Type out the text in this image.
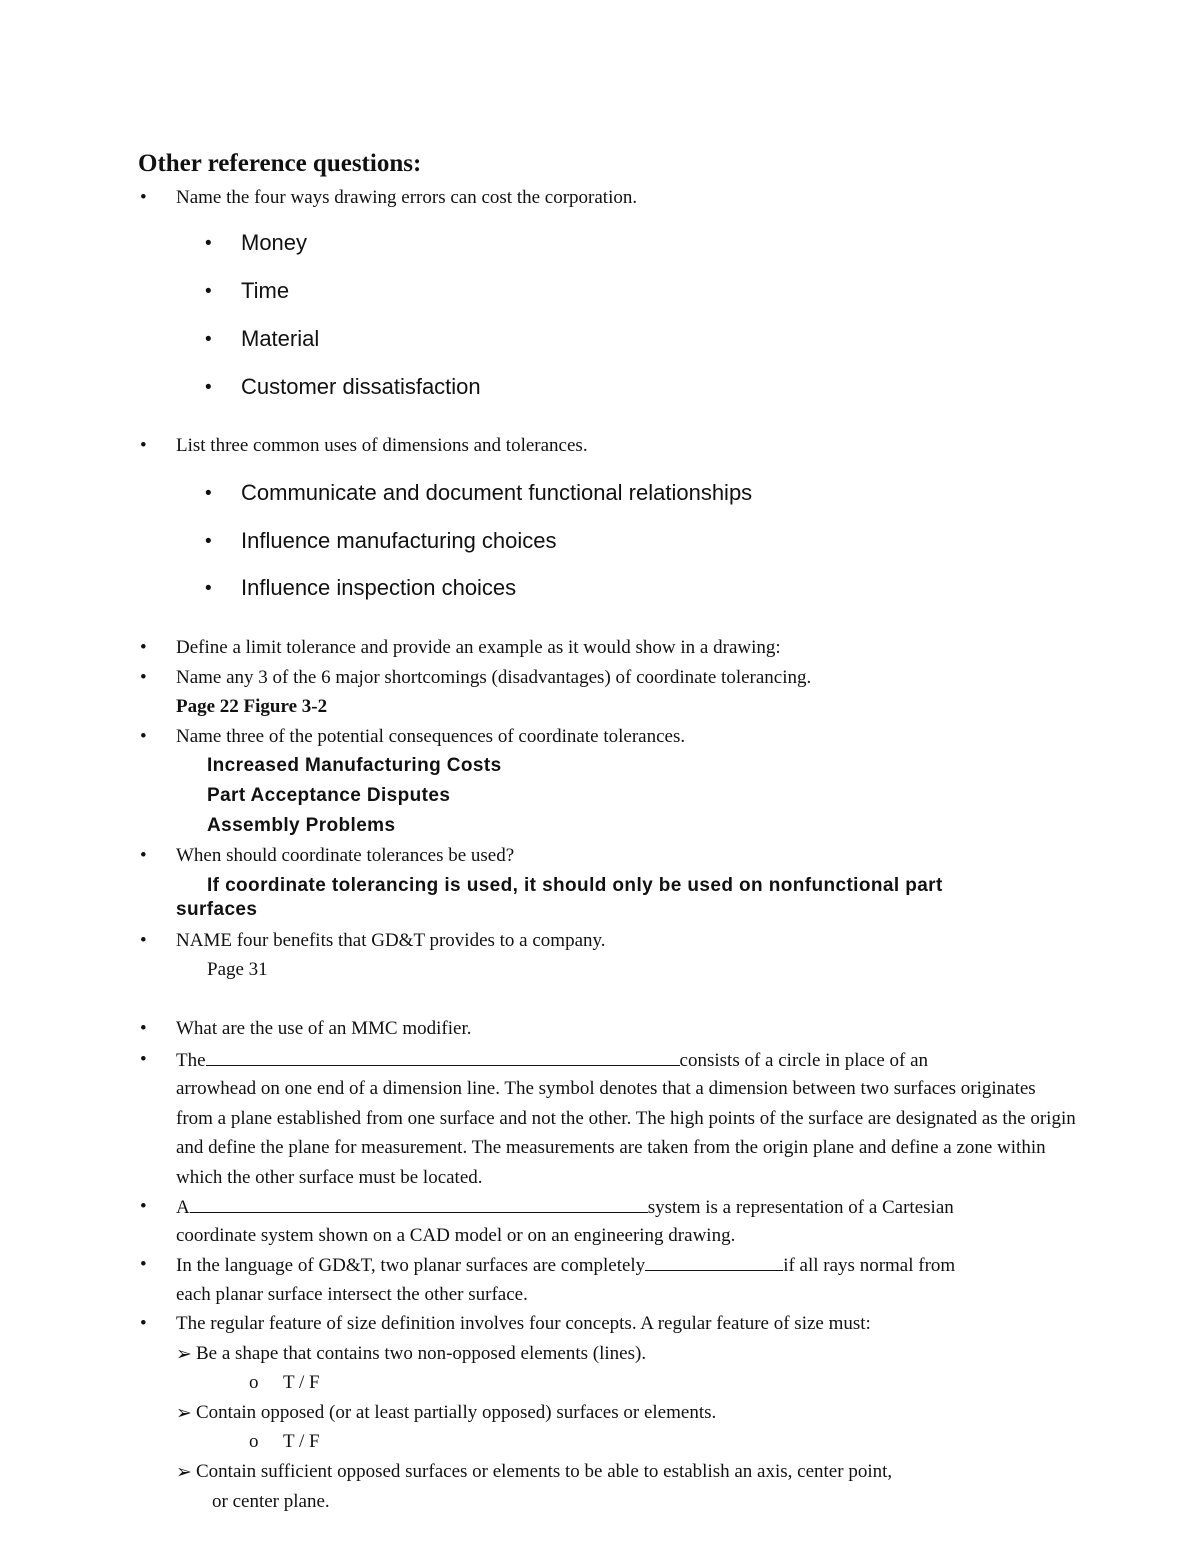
Other reference questions:
• Name the four ways drawing errors can cost the corporation.
• Money
• Time
• Material
• Customer dissatisfaction
• List three common uses of dimensions and tolerances.
• Communicate and document functional relationships
• Influence manufacturing choices
• Influence inspection choices
• Define a limit tolerance and provide an example as it would show in a drawing:
• Name any 3 of the 6 major shortcomings (disadvantages) of coordinate tolerancing.
Page 22 Figure 3-2
• Name three of the potential consequences of coordinate tolerances.
Increased Manufacturing Costs
Part Acceptance Disputes
Assembly Problems
• When should coordinate tolerances be used?
If coordinate tolerancing is used, it should only be used on nonfunctional part
surfaces
• NAME four benefits that GD&T provides to a company.
Page 31
• What are the use of an MMC modifier.
• The	consists of a circle in place of an
arrowhead on one end of a dimension line. The symbol denotes that a dimension between two surfaces originates from a plane established from one surface and not the other. The high points of the surface are designated as the origin and define the plane for measurement. The measurements are taken from the origin plane and define a zone within which the other surface must be located.
• A	system is a representation of a Cartesian
coordinate system shown on a CAD model or on an engineering drawing.
• In the language of GD&T, two planar surfaces are completely	if all rays normal from
each planar surface intersect the other surface.
• The regular feature of size definition involves four concepts. A regular feature of size must:
➢ Be a shape that contains two non-opposed elements (lines).
o T / F
➢ Contain opposed (or at least partially opposed) surfaces or elements.
o T / F
➢ Contain sufficient opposed surfaces or elements to be able to establish an axis, center point,
or center plane.
